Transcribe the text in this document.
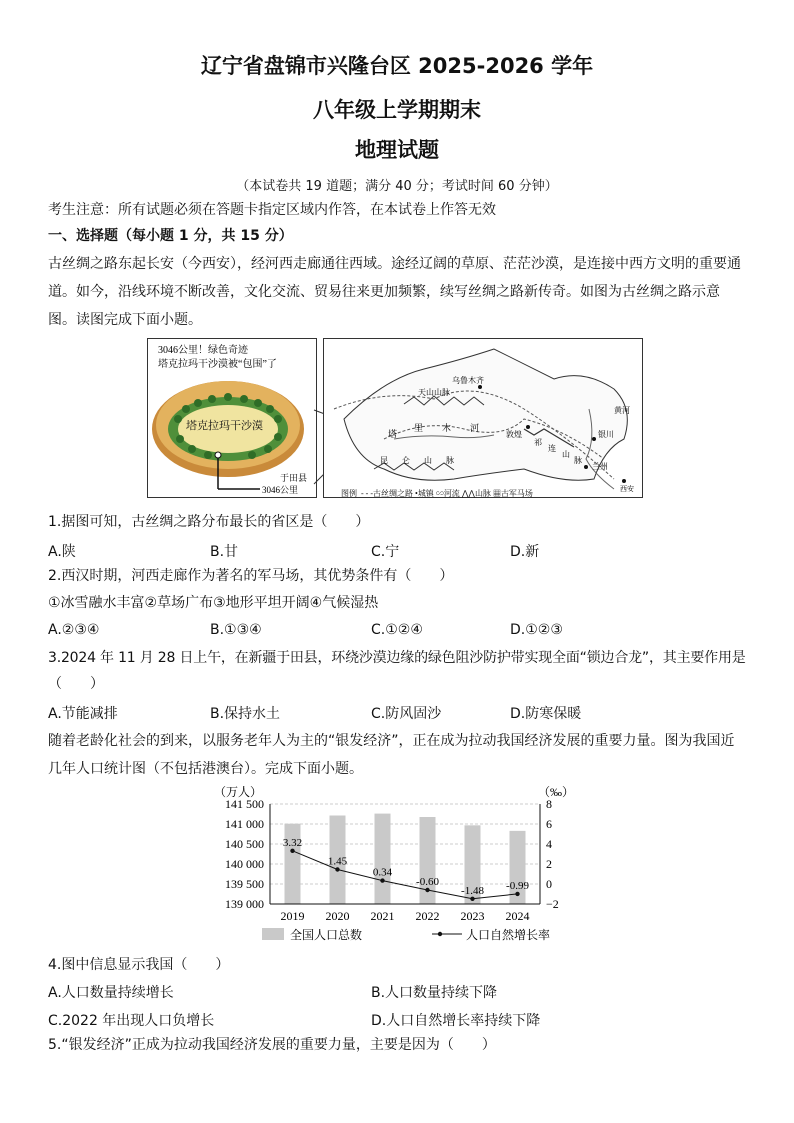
辽宁省盘锦市兴隆台区 2025-2026 学年
八年级上学期期末
地理试题
（本试卷共 19 道题；满分 40 分；考试时间 60 分钟）
考生注意：所有试题必须在答题卡指定区域内作答，在本试卷上作答无效
一、选择题（每小题 1 分，共 15 分）
古丝绸之路东起长安（今西安），经河西走廊通往西域。途经辽阔的草原、茫茫沙漠，是连接中西方文明的重要通
道。如今，沿线环境不断改善，文化交流、贸易往来更加频繁，续写丝绸之路新传奇。如图为古丝绸之路示意
图。读图完成下面小题。
3046公里！绿色奇迹
塔克拉玛干沙漠被“包围”了
塔克拉玛干沙漠
于田县
3046公里
乌鲁木齐
天山山脉
塔
里 木 河
昆 仑 山 脉
敦煌
祁
连
山
脉
银川
黄河
兰州
西安
图例 - - -古丝绸之路 •城镇 ∽河流 ⋀⋀山脉 ▦古军马场
1.据图可知，古丝绸之路分布最长的省区是（　　）
A.陕	B.甘	C.宁	D.新
2.西汉时期，河西走廊作为著名的军马场，其优势条件有（　　）
①冰雪融水丰富②草场广布③地形平坦开阔④气候湿热
A.②③④	B.①③④	C.①②④	D.①②③
3.2024 年 11 月 28 日上午，在新疆于田县，环绕沙漠边缘的绿色阻沙防护带实现全面“锁边合龙”，其主要作用是
（　　）
A.节能减排	B.保持水土	C.防风固沙	D.防寒保暖
随着老龄化社会的到来，以服务老年人为主的“银发经济”，正在成为拉动我国经济发展的重要力量。图为我国近
几年人口统计图（不包括港澳台）。完成下面小题。
3.32
1.45
0.34
-0.60
-1.48 -0.99
141 500
141 000
140 500
140 000
139 500
139 000
8
6
4
2
0
−2
2019 2020 2021 2022 2023 2024
（万人）	（‰）
全国人口总数	人口自然增长率
4.图中信息显示我国（　　）
A.人口数量持续增长	B.人口数量持续下降
C.2022 年出现人口负增长	D.人口自然增长率持续下降
5.“银发经济”正成为拉动我国经济发展的重要力量，主要是因为（　　）
